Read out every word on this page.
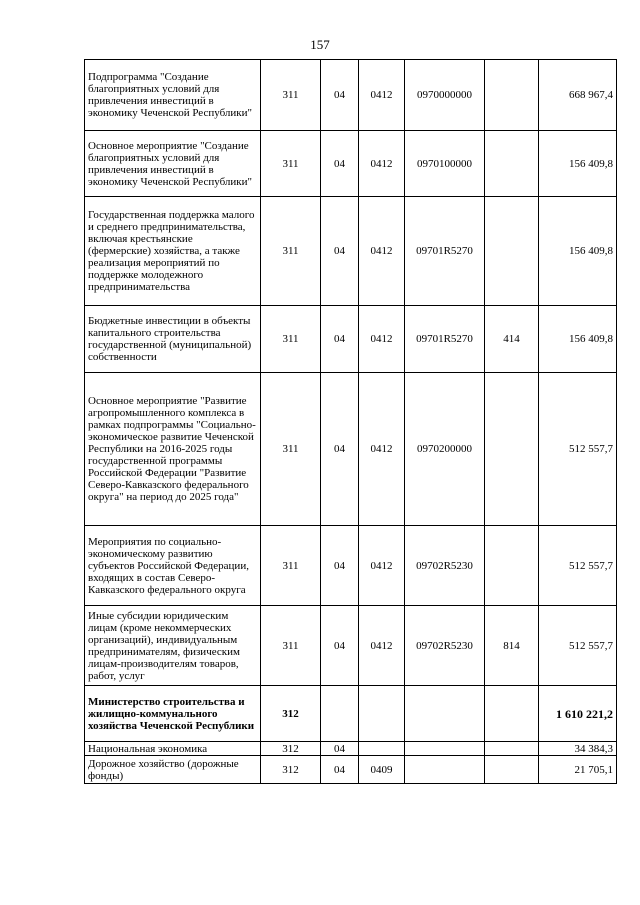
157
Подпрограмма "Создание благоприятных условий для привлечения инвестиций в экономику Чеченской Республики"	311	04	0412	0970000000		668 967,4
Основное мероприятие "Создание благоприятных условий для привлечения инвестиций в экономику Чеченской Республики"	311	04	0412	0970100000		156 409,8
Государственная поддержка малого и среднего предпринимательства, включая крестьянские (фермерские) хозяйства, а также реализация мероприятий по поддержке молодежного предпринимательства	311	04	0412	09701R5270		156 409,8
Бюджетные инвестиции в объекты капитального строительства государственной (муниципальной) собственности	311	04	0412	09701R5270	414	156 409,8
Основное мероприятие "Развитие агропромышленного комплекса в рамках подпрограммы "Социально-экономическое развитие Чеченской Республики на 2016-2025 годы государственной программы Российской Федерации "Развитие Северо-Кавказского федерального округа" на период до 2025 года"	311	04	0412	0970200000		512 557,7
Мероприятия по социально-экономическому развитию субъектов Российской Федерации, входящих в состав Северо-Кавказского федерального округа	311	04	0412	09702R5230		512 557,7
Иные субсидии юридическим лицам (кроме некоммерческих организаций), индивидуальным предпринимателям, физическим лицам-производителям товаров, работ, услуг	311	04	0412	09702R5230	814	512 557,7
Министерство строительства и жилищно-коммунального хозяйства Чеченской Республики	312					1 610 221,2
Национальная экономика	312	04				34 384,3
Дорожное хозяйство (дорожные фонды)	312	04	0409			21 705,1
